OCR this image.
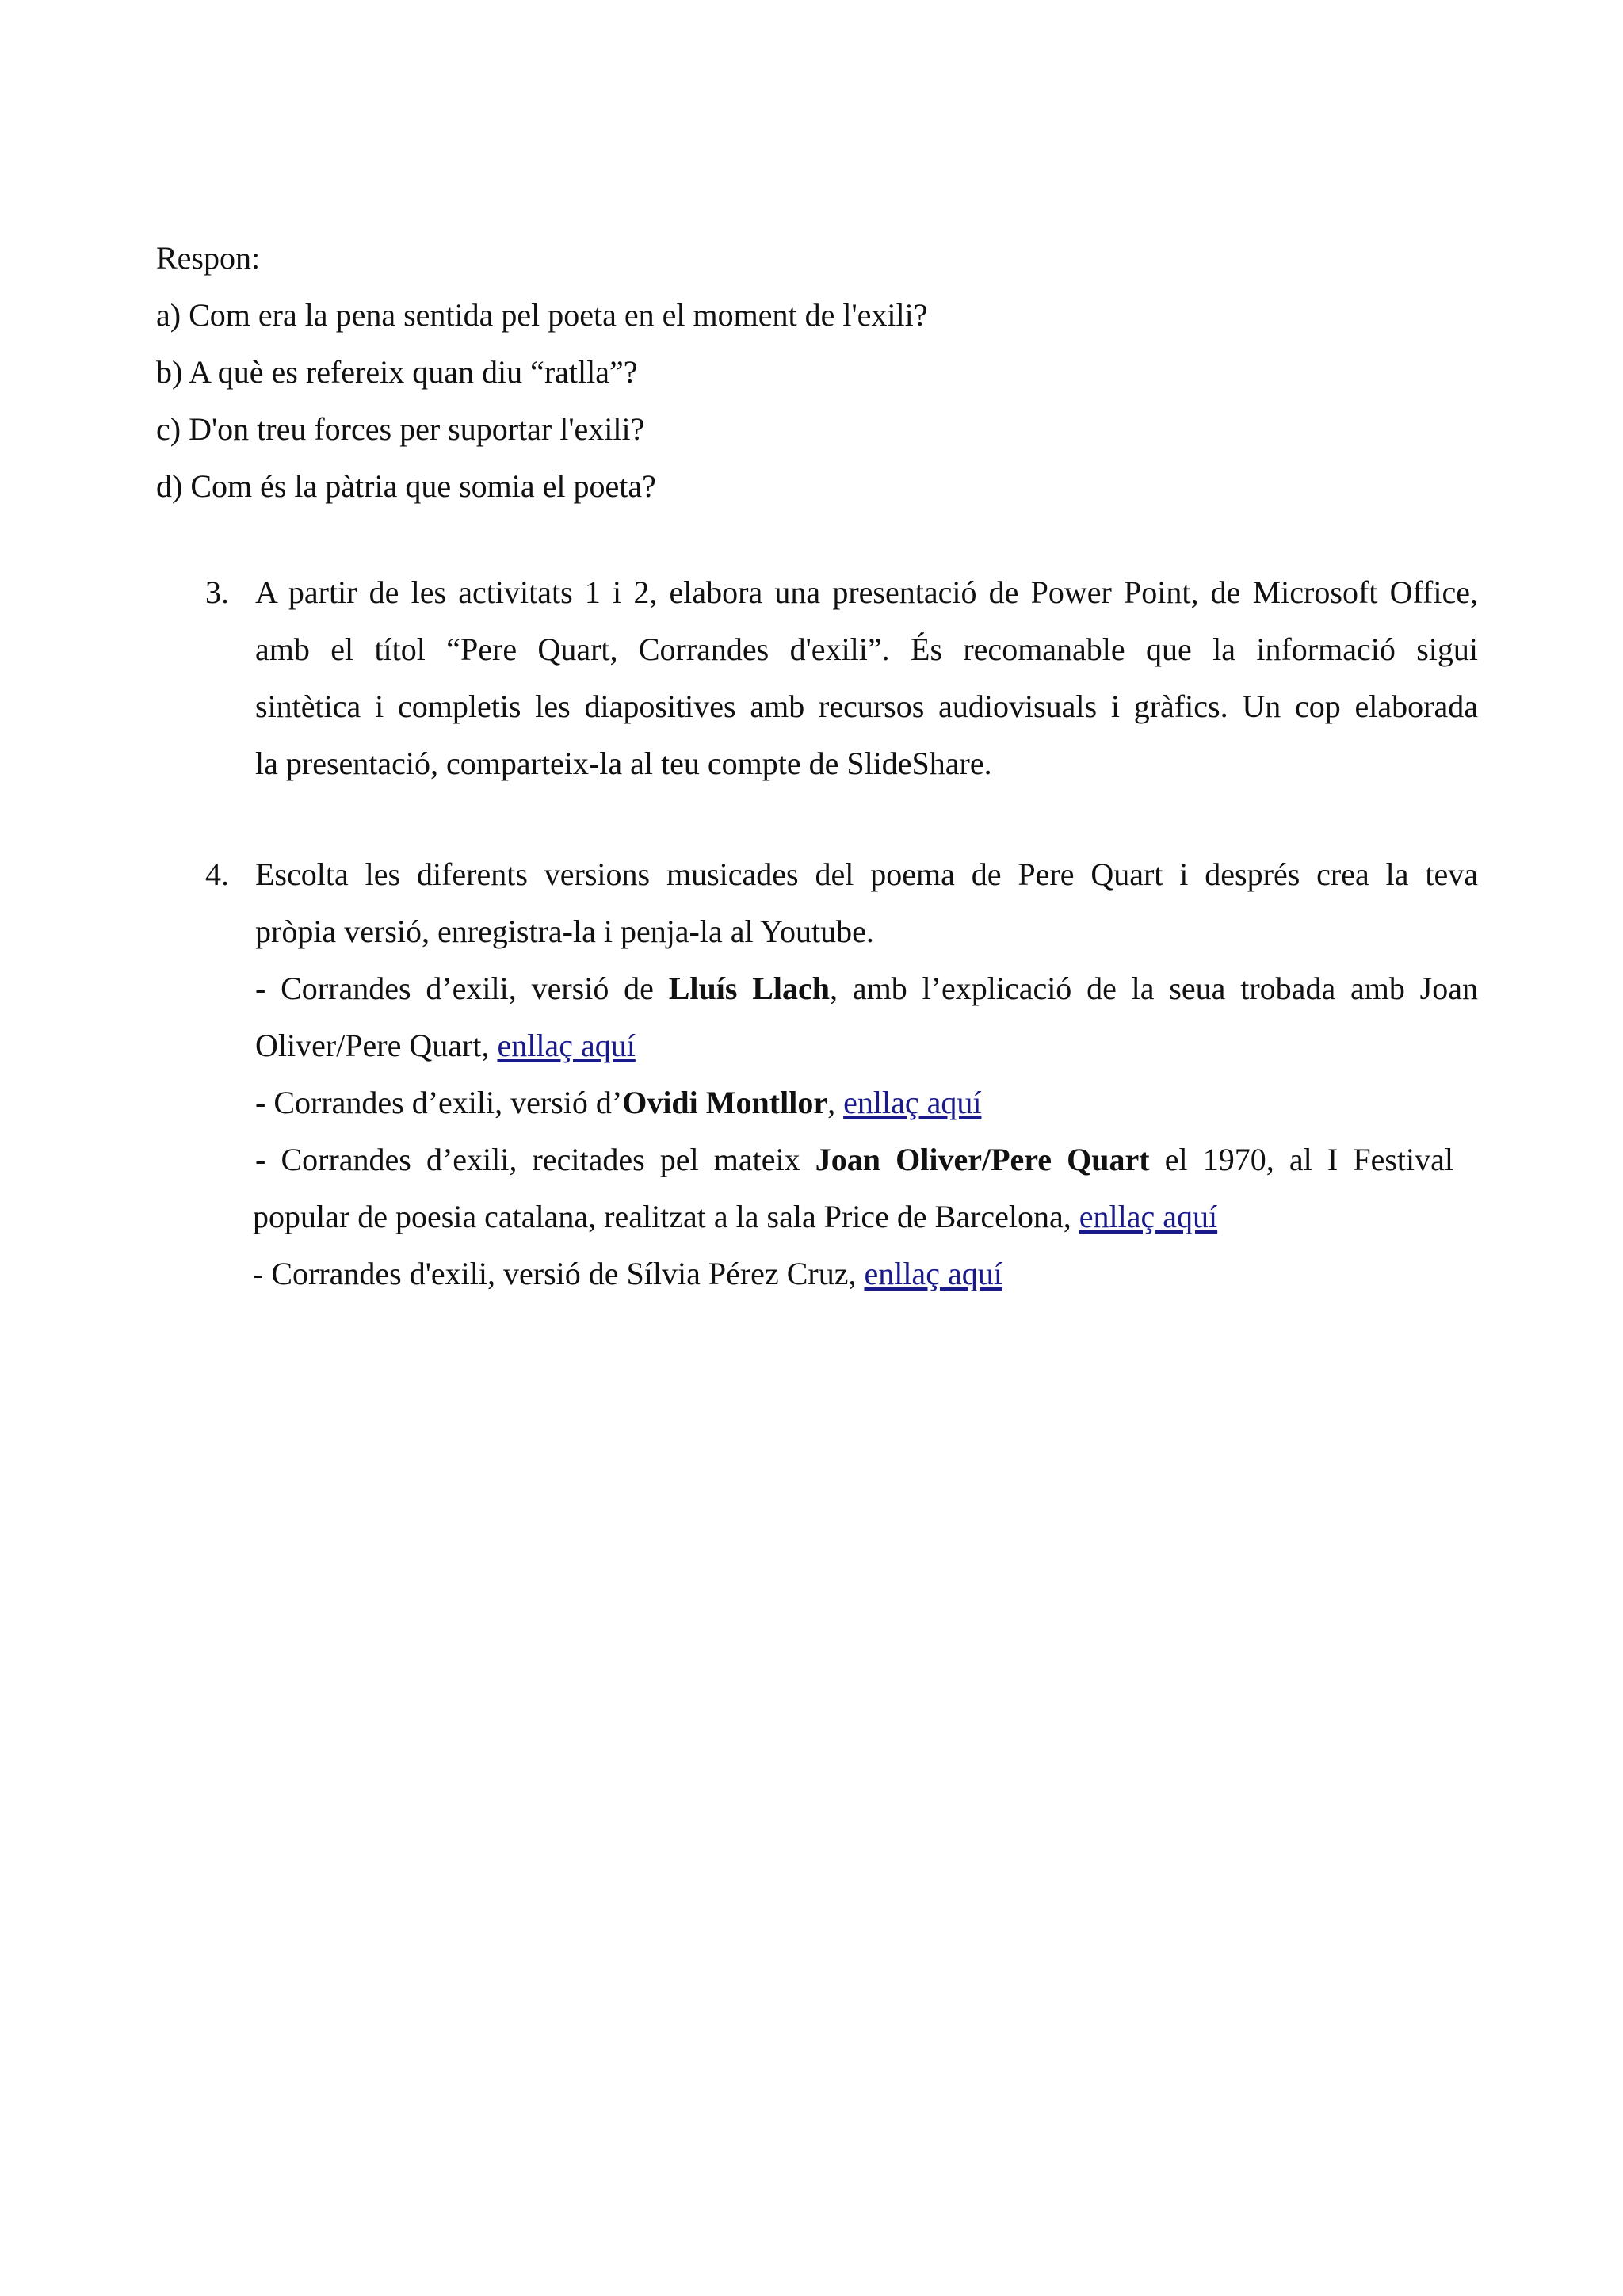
Respon:
a) Com era la pena sentida pel poeta en el moment de l'exili?
b) A què es refereix quan diu “ratlla”?
c) D'on treu forces per suportar l'exili?
d) Com és la pàtria que somia el poeta?
3. A partir de les activitats 1 i 2, elabora una presentació de Power Point, de Microsoft Office,
amb el títol “Pere Quart, Corrandes d'exili”. És recomanable que la informació sigui
sintètica i completis les diapositives amb recursos audiovisuals i gràfics. Un cop elaborada
la presentació, comparteix-la al teu compte de SlideShare.
4. Escolta les diferents versions musicades del poema de Pere Quart i després crea la teva
pròpia versió, enregistra-la i penja-la al Youtube.
- Corrandes d’exili, versió de Lluís Llach, amb l’explicació de la seua trobada amb Joan
Oliver/Pere Quart, enllaç aquí
- Corrandes d’exili, versió d’Ovidi Montllor, enllaç aquí
- Corrandes d’exili, recitades pel mateix Joan Oliver/Pere Quart el 1970, al I Festival
popular de poesia catalana, realitzat a la sala Price de Barcelona, enllaç aquí
- Corrandes d'exili, versió de Sílvia Pérez Cruz, enllaç aquí
